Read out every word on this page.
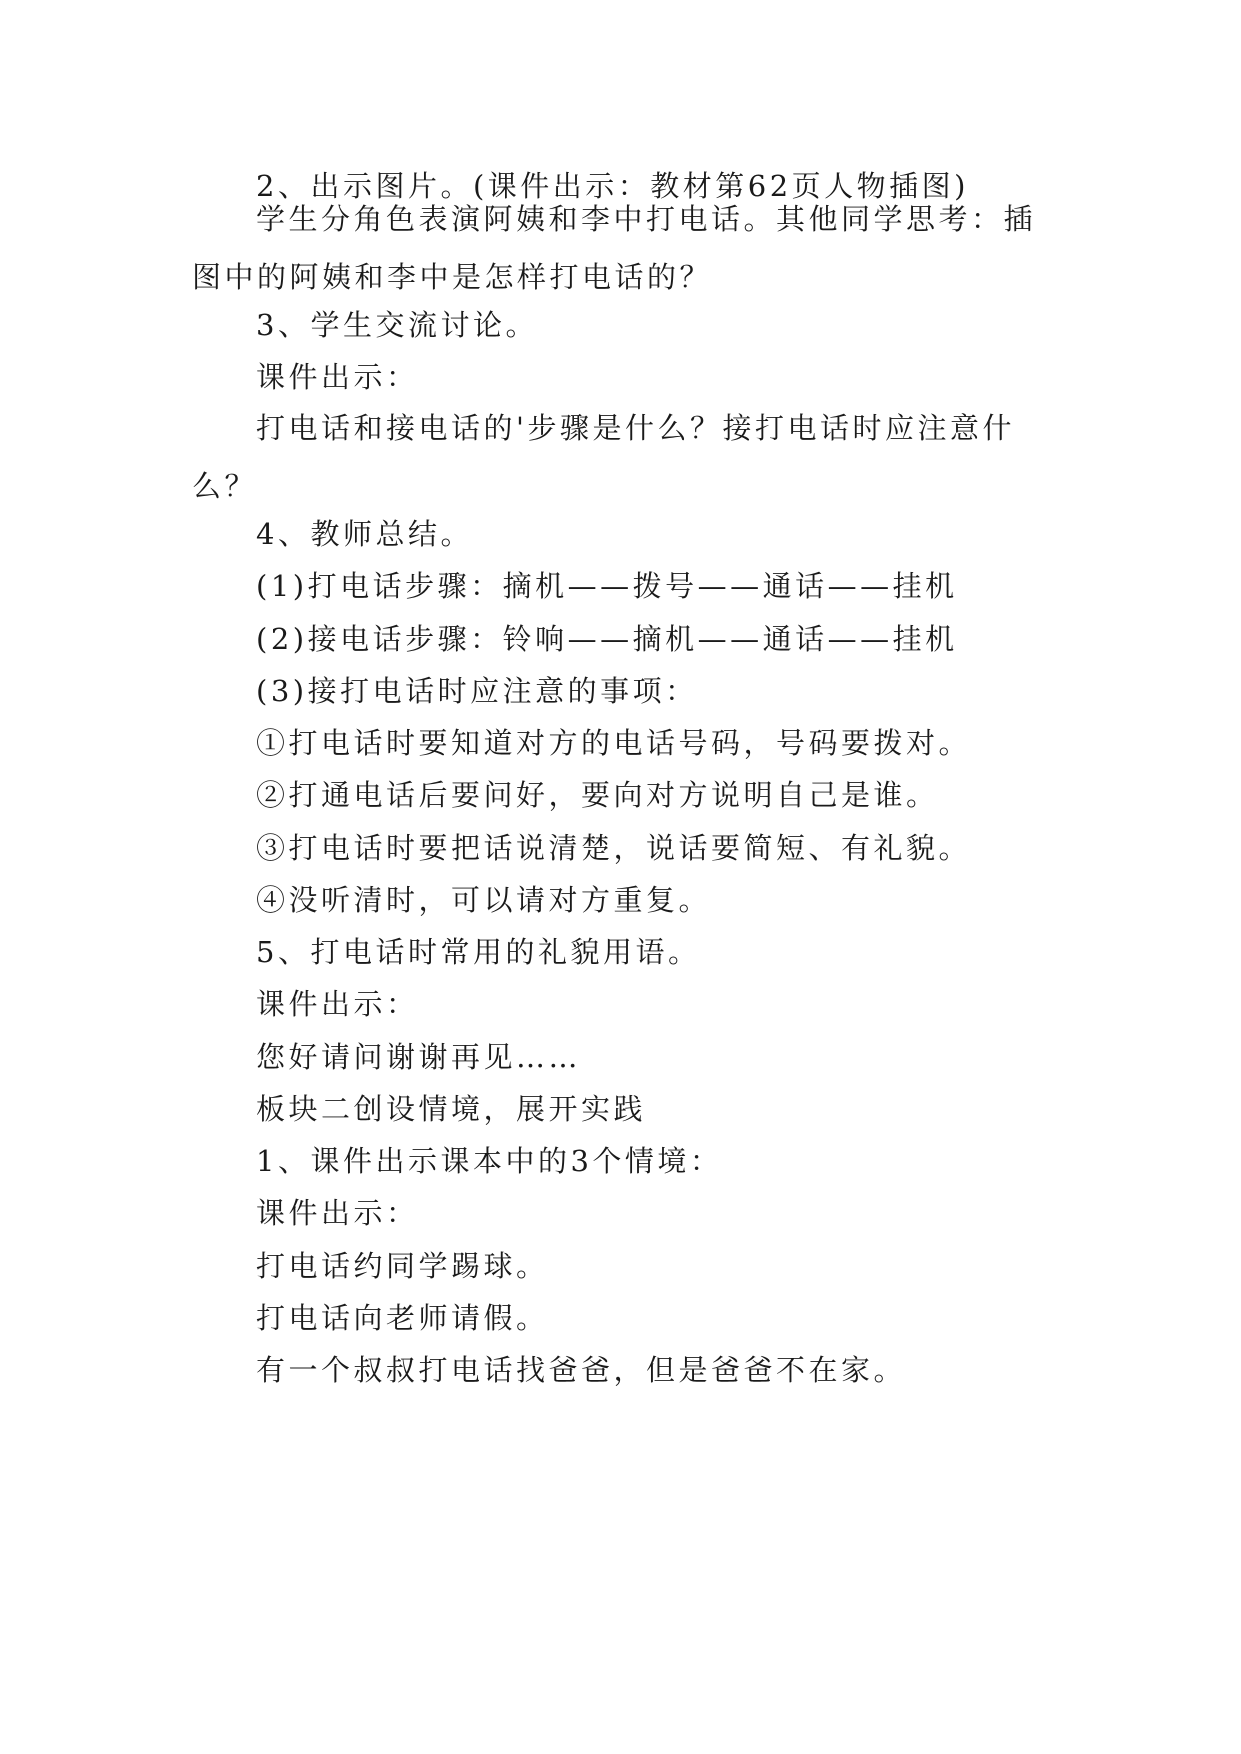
2、出示图片。(课件出示：教材第62页人物插图)

学生分角色表演阿姨和李中打电话。其他同学思考：插图中的阿姨和李中是怎样打电话的？

3、学生交流讨论。

课件出示：

打电话和接电话的'步骤是什么？接打电话时应注意什么？

4、教师总结。

(1)打电话步骤：摘机——拨号——通话——挂机

(2)接电话步骤：铃响——摘机——通话——挂机

(3)接打电话时应注意的事项：

①打电话时要知道对方的电话号码，号码要拨对。

②打通电话后要问好，要向对方说明自己是谁。

③打电话时要把话说清楚，说话要简短、有礼貌。

④没听清时，可以请对方重复。

5、打电话时常用的礼貌用语。

课件出示：

您好请问谢谢再见……

板块二创设情境，展开实践

1、课件出示课本中的3个情境：

课件出示：

打电话约同学踢球。

打电话向老师请假。

有一个叔叔打电话找爸爸，但是爸爸不在家。
